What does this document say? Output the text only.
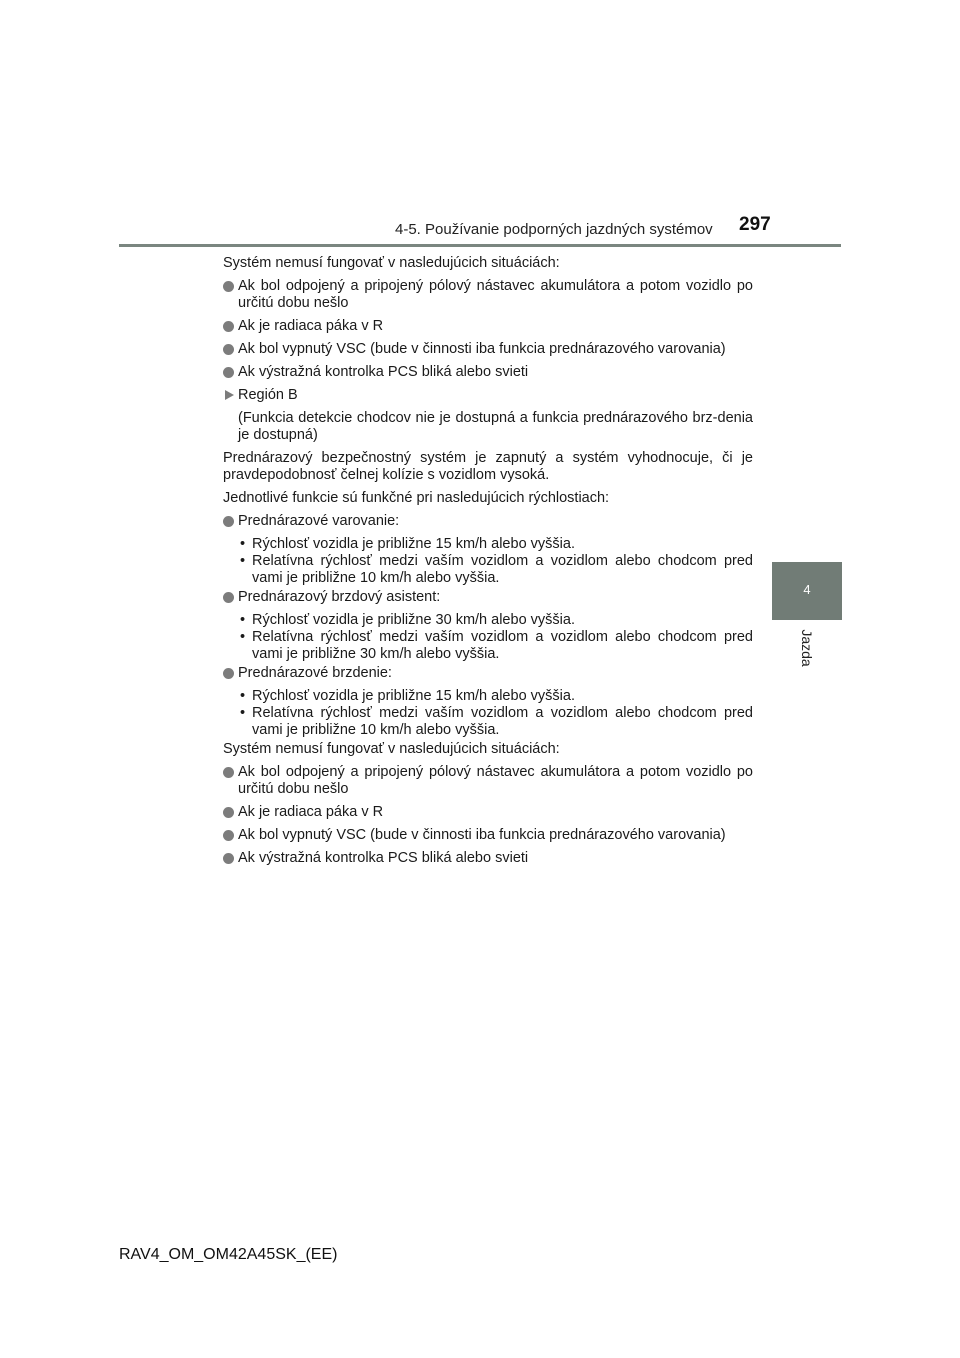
4-5. Používanie podporných jazdných systémov 297
4
Jazda

Systém nemusí fungovať v nasledujúcich situáciách:

Ak bol odpojený a pripojený pólový nástavec akumulátora a potom vozidlo po určitú dobu nešlo
Ak je radiaca páka v R
Ak bol vypnutý VSC (bude v činnosti iba funkcia prednárazového varovania)
Ak výstražná kontrolka PCS bliká alebo svieti
Región B

(Funkcia detekcie chodcov nie je dostupná a funkcia prednárazového brz-denia je dostupná)

Prednárazový bezpečnostný systém je zapnutý a systém vyhodnocuje, či je pravdepodobnosť čelnej kolízie s vozidlom vysoká.

Jednotlivé funkcie sú funkčné pri nasledujúcich rýchlostiach:

Prednárazové varovanie:
• Rýchlosť vozidla je približne 15 km/h alebo vyššia.
• Relatívna rýchlosť medzi vaším vozidlom a vozidlom alebo chodcom pred vami je približne 10 km/h alebo vyššia.
Prednárazový brzdový asistent:
• Rýchlosť vozidla je približne 30 km/h alebo vyššia.
• Relatívna rýchlosť medzi vaším vozidlom a vozidlom alebo chodcom pred vami je približne 30 km/h alebo vyššia.
Prednárazové brzdenie:
• Rýchlosť vozidla je približne 15 km/h alebo vyššia.
• Relatívna rýchlosť medzi vaším vozidlom a vozidlom alebo chodcom pred vami je približne 10 km/h alebo vyššia.

Systém nemusí fungovať v nasledujúcich situáciách:

Ak bol odpojený a pripojený pólový nástavec akumulátora a potom vozidlo po určitú dobu nešlo
Ak je radiaca páka v R
Ak bol vypnutý VSC (bude v činnosti iba funkcia prednárazového varovania)
Ak výstražná kontrolka PCS bliká alebo svieti
RAV4_OM_OM42A45SK_(EE)
